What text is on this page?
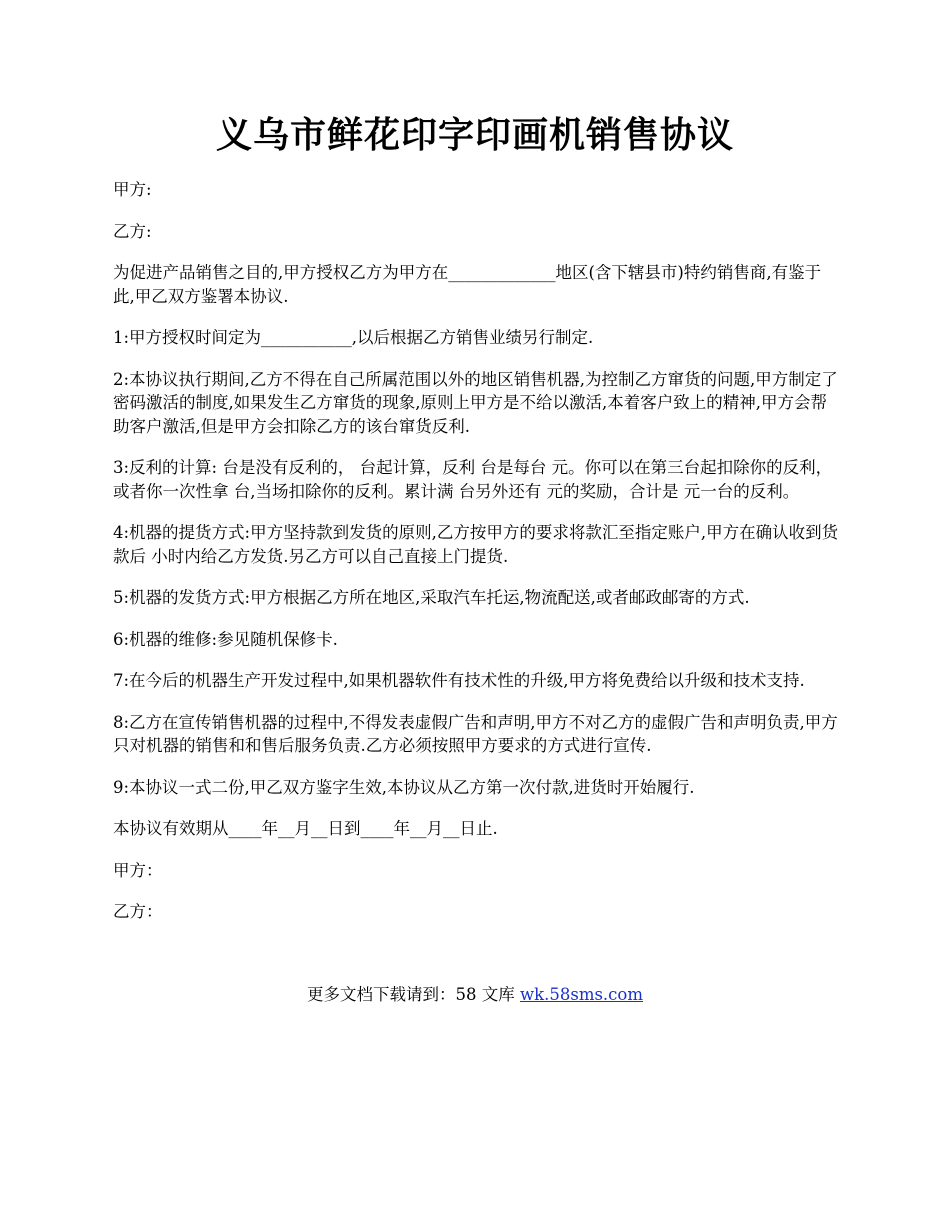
义乌市鲜花印字印画机销售协议

甲方:

乙方:

为促进产品销售之目的,甲方授权乙方为甲方在_____________地区(含下辖县市)特约销售商,有鉴于此,甲乙双方鉴署本协议.

1:甲方授权时间定为___________,以后根据乙方销售业绩另行制定.

2:本协议执行期间,乙方不得在自己所属范围以外的地区销售机器,为控制乙方窜货的问题,甲方制定了密码激活的制度,如果发生乙方窜货的现象,原则上甲方是不给以激活,本着客户致上的精神,甲方会帮助客户激活,但是甲方会扣除乙方的该台窜货反利.

3:反利的计算: 台是没有反利的， 台起计算，反利 台是每台 元。你可以在第三台起扣除你的反利，或者你一次性拿 台,当场扣除你的反利。累计满 台另外还有 元的奖励，合计是 元一台的反利。

4:机器的提货方式:甲方坚持款到发货的原则,乙方按甲方的要求将款汇至指定账户,甲方在确认收到货款后 小时内给乙方发货.另乙方可以自己直接上门提货.

5:机器的发货方式:甲方根据乙方所在地区,采取汽车托运,物流配送,或者邮政邮寄的方式.

6:机器的维修:参见随机保修卡.

7:在今后的机器生产开发过程中,如果机器软件有技术性的升级,甲方将免费给以升级和技术支持.

8:乙方在宣传销售机器的过程中,不得发表虚假广告和声明,甲方不对乙方的虚假广告和声明负责,甲方只对机器的销售和和售后服务负责.乙方必须按照甲方要求的方式进行宣传.

9:本协议一式二份,甲乙双方鉴字生效,本协议从乙方第一次付款,进货时开始履行.

本协议有效期从____年__月__日到____年__月__日止.

甲方：

乙方：

更多文档下载请到：58 文库 wk.58sms.com
